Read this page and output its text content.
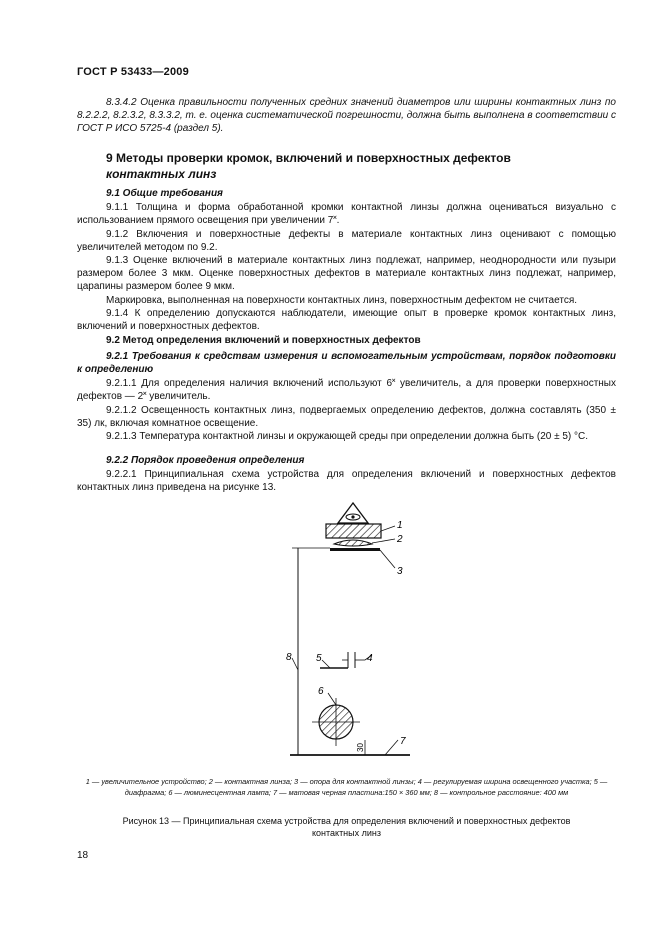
ГОСТ Р 53433—2009

8.3.4.2 Оценка правильности полученных средних значений диаметров или ширины контактных линз по 8.2.2.2, 8.2.3.2, 8.3.3.2, т. е. оценка систематической погрешности, должна быть выполнена в соответствии с ГОСТ Р ИСО 5725-4 (раздел 5).

9 Методы проверки кромок, включений и поверхностных дефектов
контактных линз

9.1 Общие требования

9.1.1 Толщина и форма обработанной кромки контактной линзы должна оцениваться визуально с использованием прямого освещения при увеличении 7˟.

9.1.2 Включения и поверхностные дефекты в материале контактных линз оценивают с помощью увеличителей методом по 9.2.

9.1.3 Оценке включений в материале контактных линз подлежат, например, неоднородности или пузыри размером более 3 мкм. Оценке поверхностных дефектов в материале контактных линз подлежат, например, царапины размером более 9 мкм.

Маркировка, выполненная на поверхности контактных линз, поверхностным дефектом не считается.

9.1.4 К определению допускаются наблюдатели, имеющие опыт в проверке кромок контактных линз, включений и поверхностных дефектов.

9.2 Метод определения включений и поверхностных дефектов

9.2.1 Требования к средствам измерения и вспомогательным устройствам, порядок подготовки к определению

9.2.1.1 Для определения наличия включений используют 6˟ увеличитель, а для проверки поверхностных дефектов — 2˟ увеличитель.

9.2.1.2 Освещенность контактных линз, подвергаемых определению дефектов, должна составлять (350 ± 35) лк, включая комнатное освещение.

9.2.1.3 Температура контактной линзы и окружающей среды при определении должна быть (20 ± 5) °С.

9.2.2 Порядок проведения определения

9.2.2.1 Принципиальная схема устройства для определения включений и поверхностных дефектов контактных линз приведена на рисунке 13.

1
2
3
4
5
6
7
8
30

1 — увеличительное устройство; 2 — контактная линза; 3 — опора для контактной линзы; 4 — регулируемая ширина освещенного участка; 5 — диафрагма; 6 — люминесцентная лампа; 7 — матовая черная пластина:150 × 360 мм; 8 — контрольное расстояние: 400 мм

Рисунок 13 — Принципиальная схема устройства для определения включений и поверхностных дефектов
контактных линз
18
